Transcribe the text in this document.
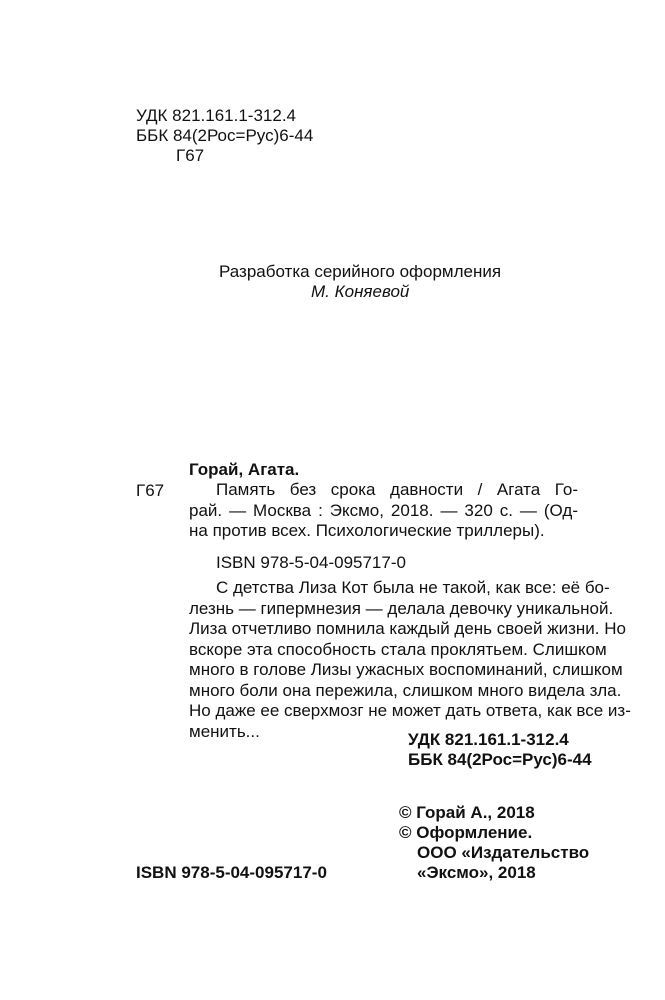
УДК 821.161.1-312.4
ББК 84(2Рос=Рус)6-44
Г67
Разработка серийного оформления
М. Коняевой
Горай, Агата.
Г67	Память без срока давности / Агата Го-
рай. — Москва : Эксмо, 2018. — 320 с. — (Од-
на против всех. Психологические триллеры).
ISBN 978-5-04-095717-0
С детства Лиза Кот была не такой, как все: её бо-
лезнь — гипермнезия — делала девочку уникальной.
Лиза отчетливо помнила каждый день своей жизни. Но
вскоре эта способность стала проклятьем. Слишком
много в голове Лизы ужасных воспоминаний, слишком
много боли она пережила, слишком много видела зла.
Но даже ее сверхмозг не может дать ответа, как все из-
менить...	УДК 821.161.1-312.4
ББК 84(2Рос=Рус)6-44
© Горай А., 2018
© Оформление.
ООО «Издательство
«Эксмо», 2018
ISBN 978-5-04-095717-0
